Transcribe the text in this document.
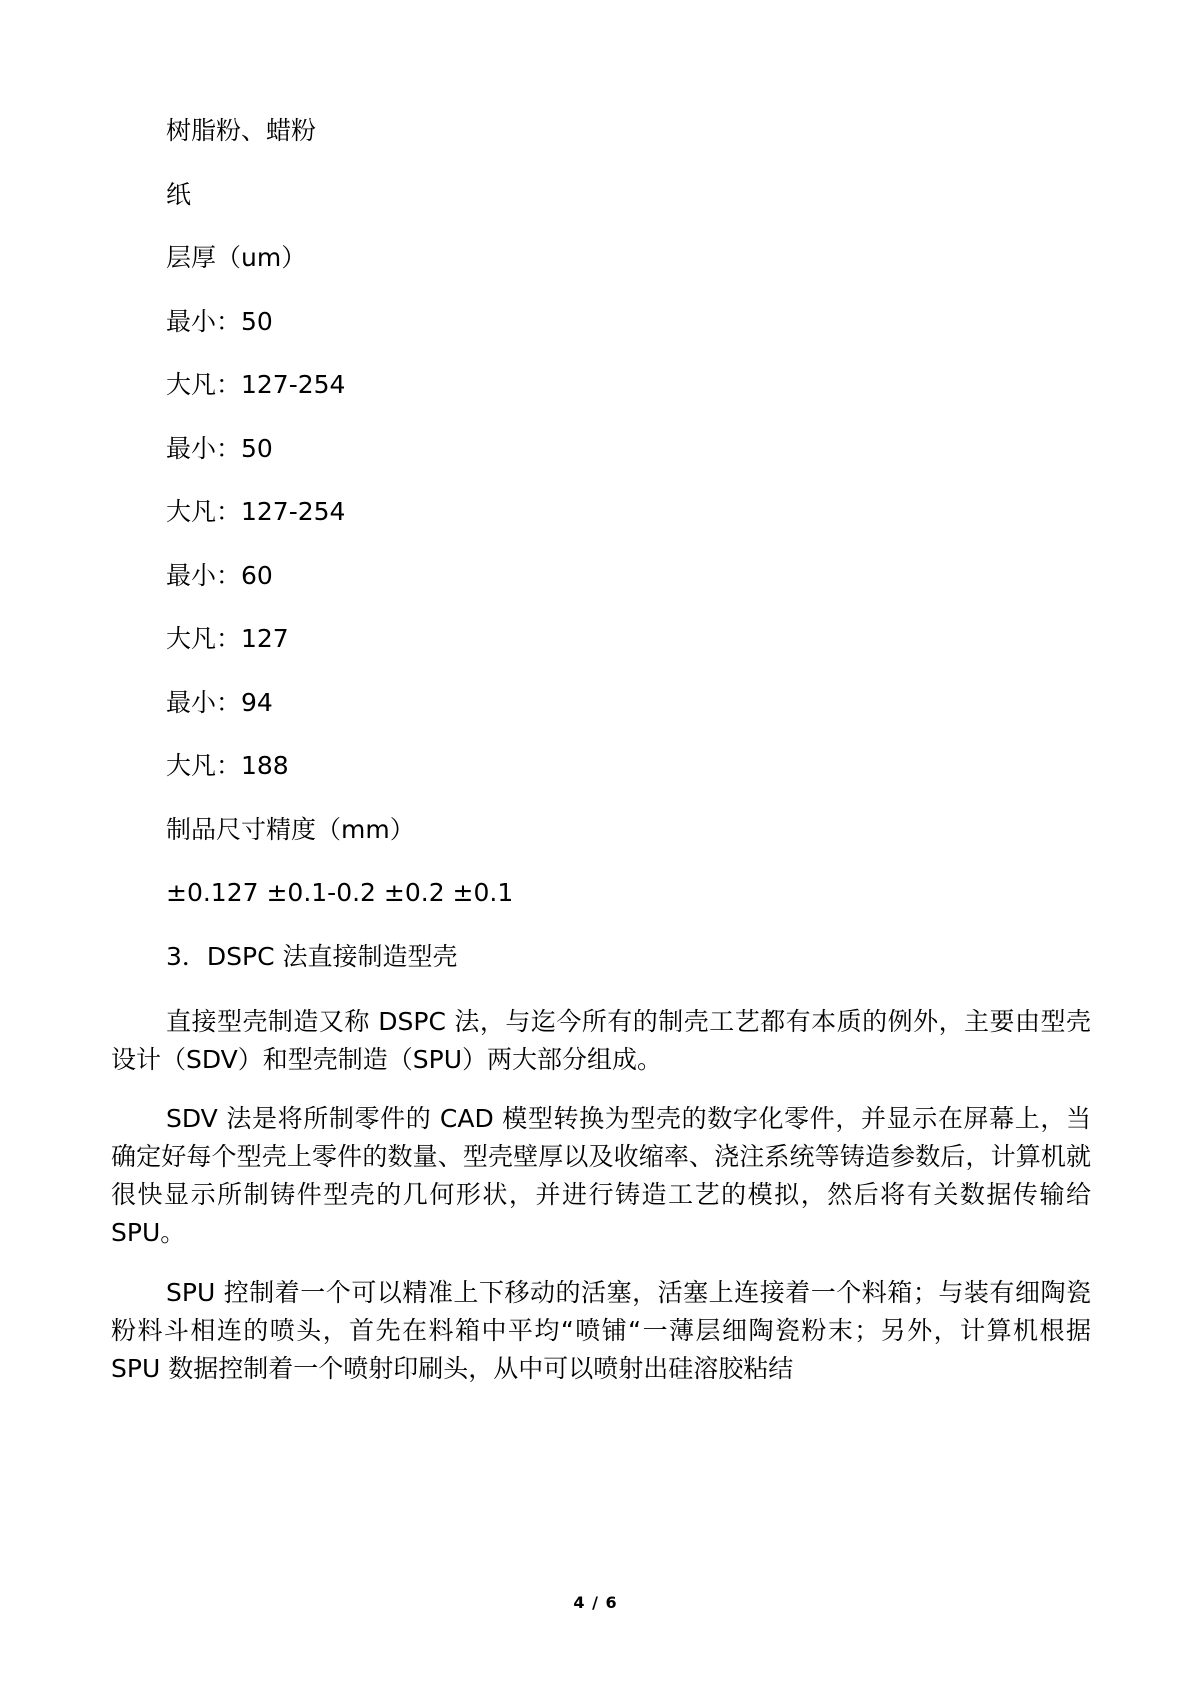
树脂粉、蜡粉
纸
层厚（um）
最小：50
大凡：127-254
最小：50
大凡：127-254
最小：60
大凡：127
最小：94
大凡：188
制品尺寸精度（mm）
±0.127 ±0.1-0.2 ±0.2 ±0.1
3．DSPC 法直接制造型壳

直接型壳制造又称 DSPC 法，与迄今所有的制壳工艺都有本质的例外，主要由型壳设计（SDV）和型壳制造（SPU）两大部分组成。

SDV 法是将所制零件的 CAD 模型转换为型壳的数字化零件，并显示在屏幕上，当确定好每个型壳上零件的数量、型壳壁厚以及收缩率、浇注系统等铸造参数后，计算机就很快显示所制铸件型壳的几何形状，并进行铸造工艺的模拟，然后将有关数据传输给 SPU。

SPU 控制着一个可以精准上下移动的活塞，活塞上连接着一个料箱；与装有细陶瓷粉料斗相连的喷头，首先在料箱中平均“喷铺“一薄层细陶瓷粉末；另外，计算机根据 SPU 数据控制着一个喷射印刷头，从中可以喷射出硅溶胶粘结

4 / 6
